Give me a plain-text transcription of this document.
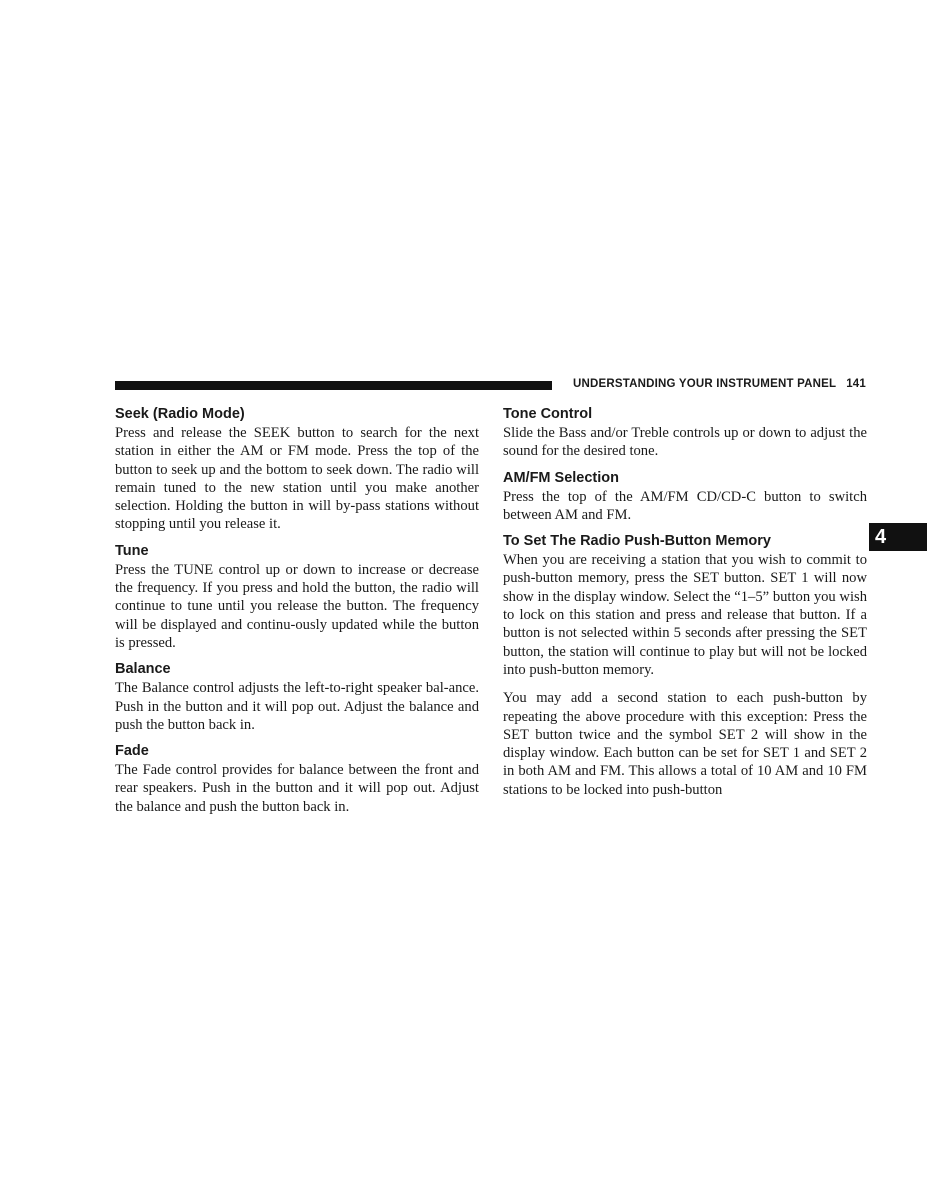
UNDERSTANDING YOUR INSTRUMENT PANEL 141
4
Seek (Radio Mode)

Press and release the SEEK button to search for the next station in either the AM or FM mode. Press the top of the button to seek up and the bottom to seek down. The radio will remain tuned to the new station until you make another selection. Holding the button in will by-pass stations without stopping until you release it.

Tune

Press the TUNE control up or down to increase or decrease the frequency. If you press and hold the button, the radio will continue to tune until you release the button. The frequency will be displayed and continu-ously updated while the button is pressed.

Balance

The Balance control adjusts the left-to-right speaker bal-ance. Push in the button and it will pop out. Adjust the balance and push the button back in.

Fade

The Fade control provides for balance between the front and rear speakers. Push in the button and it will pop out. Adjust the balance and push the button back in.

Tone Control

Slide the Bass and/or Treble controls up or down to adjust the sound for the desired tone.

AM/FM Selection

Press the top of the AM/FM CD/CD-C button to switch between AM and FM.

To Set The Radio Push-Button Memory

When you are receiving a station that you wish to commit to push-button memory, press the SET button. SET 1 will now show in the display window. Select the “1–5” button you wish to lock on this station and press and release that button. If a button is not selected within 5 seconds after pressing the SET button, the station will continue to play but will not be locked into push-button memory.

You may add a second station to each push-button by repeating the above procedure with this exception: Press the SET button twice and the symbol SET 2 will show in the display window. Each button can be set for SET 1 and SET 2 in both AM and FM. This allows a total of 10 AM and 10 FM stations to be locked into push-button
